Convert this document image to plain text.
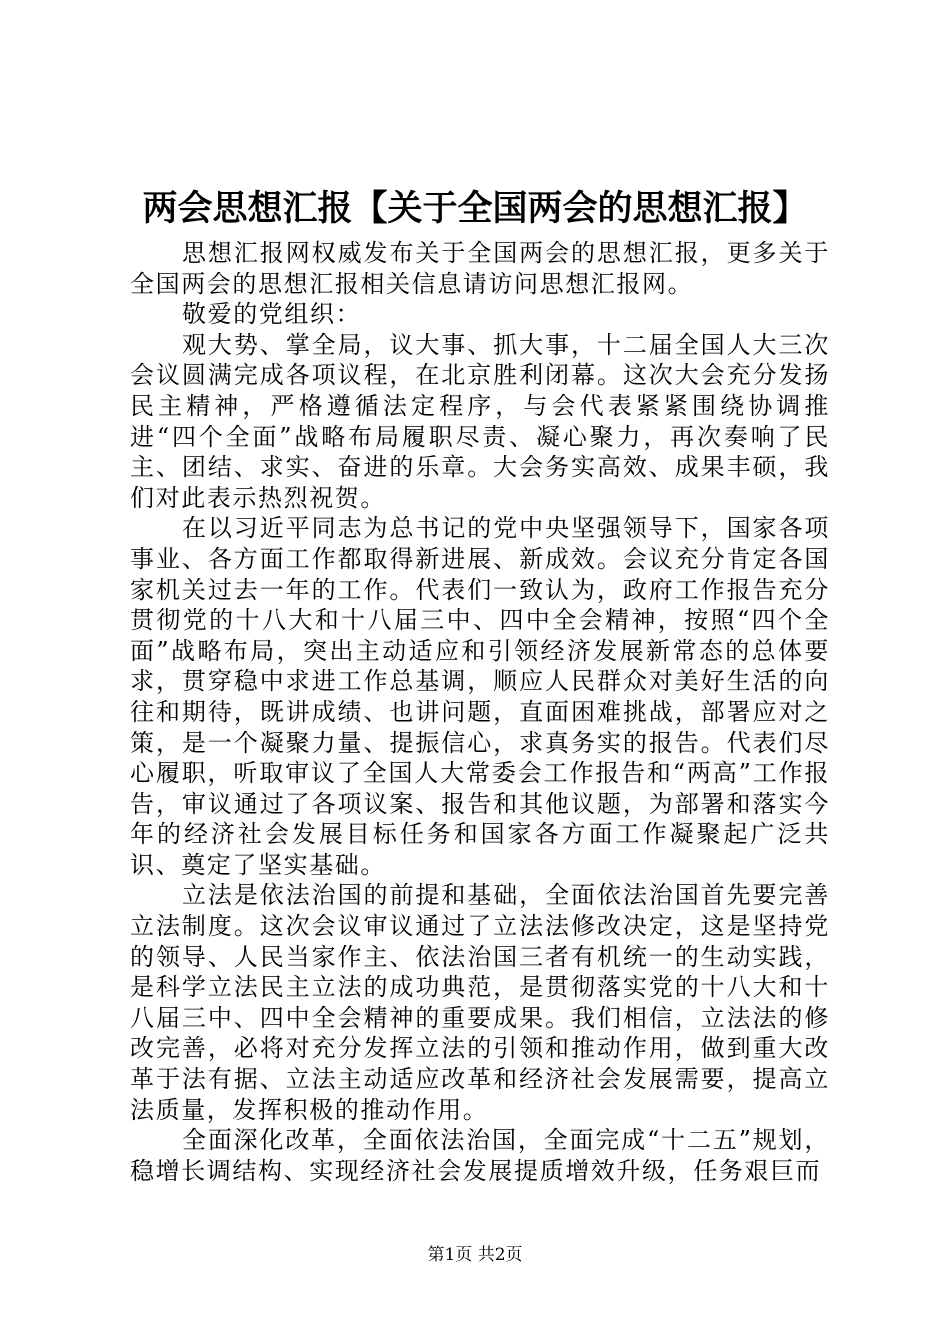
两会思想汇报【关于全国两会的思想汇报】

思想汇报网权威发布关于全国两会的思想汇报，更多关于全国两会的思想汇报相关信息请访问思想汇报网。

敬爱的党组织：

观大势、掌全局，议大事、抓大事，十二届全国人大三次会议圆满完成各项议程，在北京胜利闭幕。这次大会充分发扬民主精神，严格遵循法定程序，与会代表紧紧围绕协调推进“四个全面”战略布局履职尽责、凝心聚力，再次奏响了民主、团结、求实、奋进的乐章。大会务实高效、成果丰硕，我们对此表示热烈祝贺。

在以习近平同志为总书记的党中央坚强领导下，国家各项事业、各方面工作都取得新进展、新成效。会议充分肯定各国家机关过去一年的工作。代表们一致认为，政府工作报告充分贯彻党的十八大和十八届三中、四中全会精神，按照“四个全面”战略布局，突出主动适应和引领经济发展新常态的总体要求，贯穿稳中求进工作总基调，顺应人民群众对美好生活的向往和期待，既讲成绩、也讲问题，直面困难挑战，部署应对之策，是一个凝聚力量、提振信心，求真务实的报告。代表们尽心履职，听取审议了全国人大常委会工作报告和“两高”工作报告，审议通过了各项议案、报告和其他议题，为部署和落实今年的经济社会发展目标任务和国家各方面工作凝聚起广泛共识、奠定了坚实基础。

立法是依法治国的前提和基础，全面依法治国首先要完善立法制度。这次会议审议通过了立法法修改决定，这是坚持党的领导、人民当家作主、依法治国三者有机统一的生动实践，是科学立法民主立法的成功典范，是贯彻落实党的十八大和十八届三中、四中全会精神的重要成果。我们相信，立法法的修改完善，必将对充分发挥立法的引领和推动作用，做到重大改革于法有据、立法主动适应改革和经济社会发展需要，提高立法质量，发挥积极的推动作用。

全面深化改革，全面依法治国，全面完成“十二五”规划，稳增长调结构、实现经济社会发展提质增效升级，任务艰巨而

第1页 共2页
